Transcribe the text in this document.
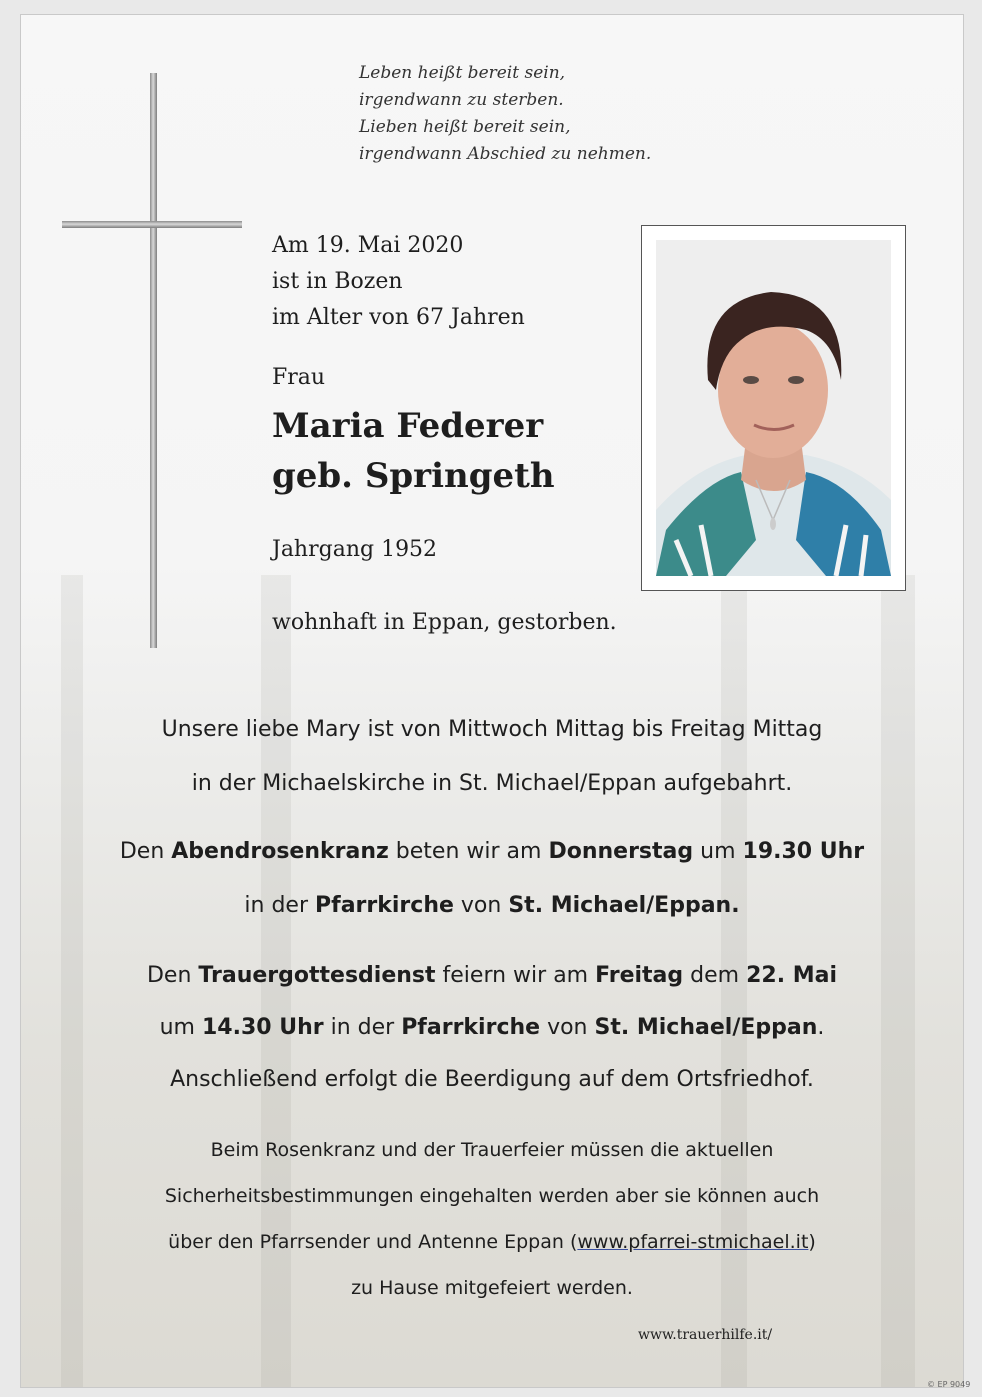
Leben heißt bereit sein,
irgendwann zu sterben.
Lieben heißt bereit sein,
irgendwann Abschied zu nehmen.
Am 19. Mai 2020
ist in Bozen
im Alter von 67 Jahren
Frau
Maria Federer
geb. Springeth
Jahrgang 1952
wohnhaft in Eppan, gestorben.
Unsere liebe Mary ist von Mittwoch Mittag bis Freitag Mittag
in der Michaelskirche in St. Michael/Eppan aufgebahrt.
Den Abendrosenkranz beten wir am Donnerstag um 19.30 Uhr
in der Pfarrkirche von St. Michael/Eppan.
Den Trauergottesdienst feiern wir am Freitag dem 22. Mai
um 14.30 Uhr in der Pfarrkirche von St. Michael/Eppan.
Anschließend erfolgt die Beerdigung auf dem Ortsfriedhof.
Beim Rosenkranz und der Trauerfeier müssen die aktuellen
Sicherheitsbestimmungen eingehalten werden aber sie können auch
über den Pfarrsender und Antenne Eppan (www.pfarrei-stmichael.it)
zu Hause mitgefeiert werden.
www.trauerhilfe.it/
© EP 9049
